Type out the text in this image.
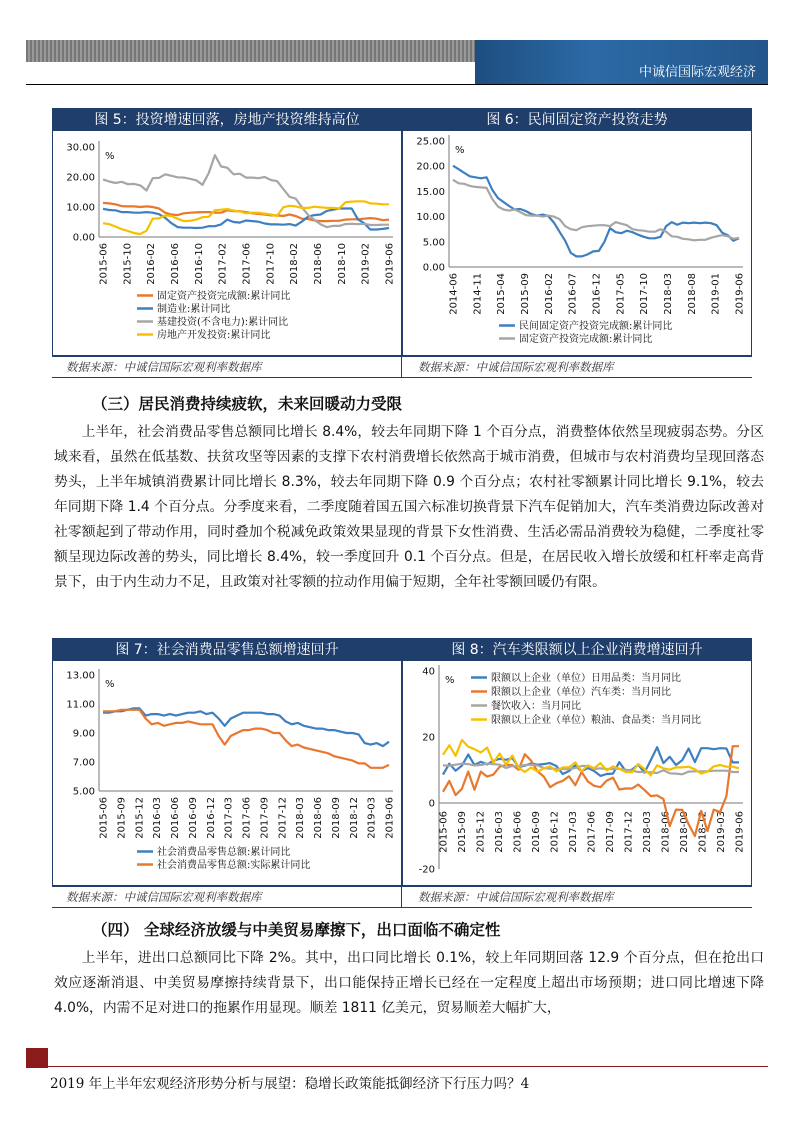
中诚信国际宏观经济
图 5：投资增速回落，房地产投资维持高位
30.00
20.00
10.00
0.00
%
2015-06 2015-10 2016-02 2016-06 2016-10 2017-02 2017-06 2017-10 2018-02 2018-06 2018-10 2019-02 2019-06
固定资产投资完成额:累计同比
制造业:累计同比
基建投资(不含电力):累计同比
房地产开发投资:累计同比
图 6：民间固定资产投资走势
25.00
20.00
15.00
10.00
5.00
0.00
%
2014-06 2014-11 2015-04 2015-09 2016-02 2016-07 2016-12 2017-05 2017-10 2018-03 2018-08 2019-01 2019-06
民间固定资产投资完成额:累计同比
固定资产投资完成额:累计同比
数据来源：中诚信国际宏观利率数据库	数据来源：中诚信国际宏观利率数据库
（三）居民消费持续疲软，未来回暖动力受限

上半年，社会消费品零售总额同比增长 8.4%，较去年同期下降 1 个百分点，消费整体依然呈现疲弱态势。分区域来看，虽然在低基数、扶贫攻坚等因素的支撑下农村消费增长依然高于城市消费，但城市与农村消费均呈现回落态势头，上半年城镇消费累计同比增长 8.3%，较去年同期下降 0.9 个百分点；农村社零额累计同比增长 9.1%，较去年同期下降 1.4 个百分点。分季度来看，二季度随着国五国六标准切换背景下汽车促销加大，汽车类消费边际改善对社零额起到了带动作用，同时叠加个税减免政策效果显现的背景下女性消费、生活必需品消费较为稳健，二季度社零额呈现边际改善的势头，同比增长 8.4%，较一季度回升 0.1 个百分点。但是，在居民收入增长放缓和杠杆率走高背景下，由于内生动力不足，且政策对社零额的拉动作用偏于短期，全年社零额回暖仍有限。

图 7：社会消费品零售总额增速回升
13.00
11.00
9.00
7.00
5.00
%
2015-06 2015-09 2015-12 2016-03 2016-06 2016-09 2016-12 2017-03 2017-06 2017-09 2017-12 2018-03 2018-06 2018-09 2018-12 2019-03 2019-06
社会消费品零售总额:累计同比
社会消费品零售总额:实际累计同比
图 8：汽车类限额以上企业消费增速回升
40
20
0
-20
%
2015-06 2015-09 2015-12 2016-03 2016-06 2016-09 2016-12 2017-03 2017-06 2017-09 2017-12 2018-03 2018-06 2018-09 2018-12 2019-03 2019-06
限额以上企业（单位）日用品类：当月同比
限额以上企业（单位）汽车类：当月同比
餐饮收入：当月同比
限额以上企业（单位）粮油、食品类：当月同比
数据来源：中诚信国际宏观利率数据库	数据来源：中诚信国际宏观利率数据库
（四） 全球经济放缓与中美贸易摩擦下，出口面临不确定性

上半年，进出口总额同比下降 2%。其中，出口同比增长 0.1%，较上年同期回落 12.9 个百分点，但在抢出口效应逐渐消退、中美贸易摩擦持续背景下，出口能保持正增长已经在一定程度上超出市场预期；进口同比增速下降 4.0%，内需不足对进口的拖累作用显现。顺差 1811 亿美元，贸易顺差大幅扩大，

2019 年上半年宏观经济形势分析与展望：稳增长政策能抵御经济下行压力吗？4
